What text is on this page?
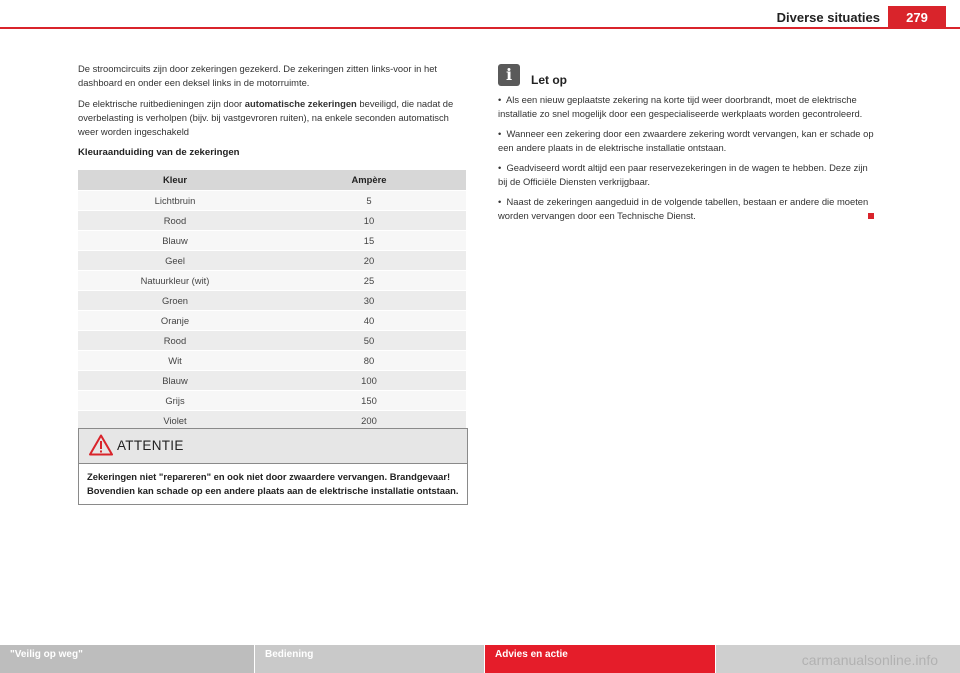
Diverse situaties	279

De stroomcircuits zijn door zekeringen gezekerd. De zekeringen zitten links-voor in het dashboard en onder een deksel links in de motorruimte.

De elektrische ruitbedieningen zijn door automatische zekeringen beveiligd, die nadat de overbelasting is verholpen (bijv. bij vastgevroren ruiten), na enkele seconden automatisch weer worden ingeschakeld

Kleuraanduiding van de zekeringen
Kleur	Ampère
Lichtbruin	5
Rood	10
Blauw	15
Geel	20
Natuurkleur (wit)	25
Groen	30
Oranje	40
Rood	50
Wit	80
Blauw	100
Grijs	150
Violet	200
ATTENTIE
Zekeringen niet "repareren" en ook niet door zwaardere vervangen. Brandgevaar! Bovendien kan schade op een andere plaats aan de elektrische installatie ontstaan.
i	Let op

•  Als een nieuw geplaatste zekering na korte tijd weer doorbrandt, moet de elektrische installatie zo snel mogelijk door een gespecialiseerde werkplaats worden gecontroleerd.

•  Wanneer een zekering door een zwaardere zekering wordt vervangen, kan er schade op een andere plaats in de elektrische installatie ontstaan.

•  Geadviseerd wordt altijd een paar reservezekeringen in de wagen te hebben. Deze zijn bij de Officiële Diensten verkrijgbaar.

•  Naast de zekeringen aangeduid in de volgende tabellen, bestaan er andere die moeten worden vervangen door een Technische Dienst.

"Veilig op weg"	Bediening	Advies en actie	carmanualsonline.info
